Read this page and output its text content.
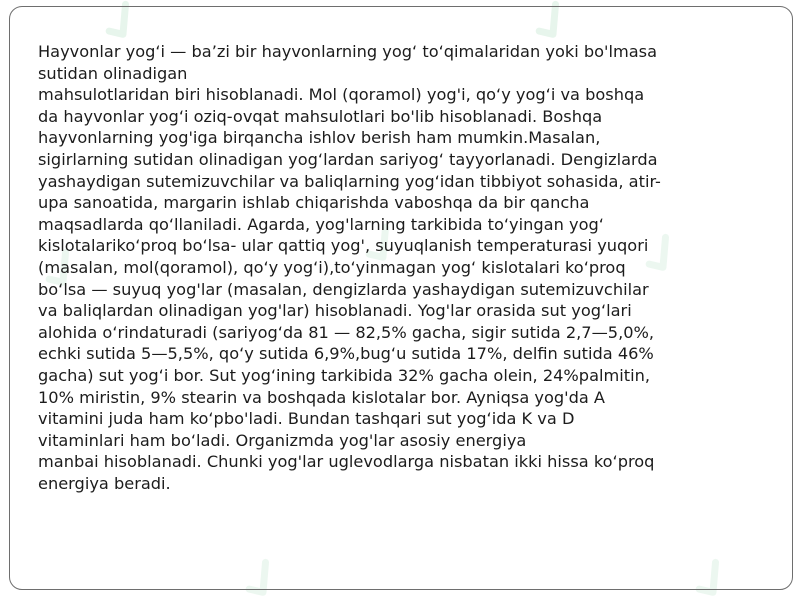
Hayvonlar yog‘i — ba’zi bir hayvonlarning yog‘ to‘qimalaridan yoki bo'lmasa
sutidan olinadigan
mahsulotlaridan biri hisoblanadi. Mol (qoramol) yog'i, qo‘y yog‘i va boshqa
da hayvonlar yog‘i oziq-ovqat mahsulotlari bo'lib hisoblanadi. Boshqa
hayvonlarning yog'iga birqancha ishlov berish ham mumkin.Masalan,
sigirlarning sutidan olinadigan yog‘lardan sariyog‘ tayyorlanadi. Dengizlarda
yashaydigan sutemizuvchilar va baliqlarning yog‘idan tibbiyot sohasida, atir-
upa sanoatida, margarin ishlab chiqarishda vaboshqa da bir qancha
maqsadlarda qo‘llaniladi. Agarda, yog'larning tarkibida to‘yingan yog‘
kislotalariko‘proq bo‘lsa- ular qattiq yog', suyuqlanish temperaturasi yuqori
(masalan, mol(qoramol), qo‘y yog‘i),to‘yinmagan yog‘ kislotalari ko‘proq
bo‘lsa — suyuq yog'lar (masalan, dengizlarda yashaydigan sutemizuvchilar
va baliqlardan olinadigan yog'lar) hisoblanadi. Yog'lar orasida sut yog‘lari
alohida o‘rindaturadi (sariyog‘da 81 — 82,5% gacha, sigir sutida 2,7—5,0%,
echki sutida 5—5,5%, qo‘y sutida 6,9%,bug‘u sutida 17%, delfin sutida 46%
gacha) sut yog‘i bor. Sut yog‘ining tarkibida 32% gacha olein, 24%palmitin,
10% miristin, 9% stearin va boshqada kislotalar bor. Ayniqsa yog'da A
vitamini juda ham ko‘pbo'ladi. Bundan tashqari sut yog‘ida K va D
vitaminlari ham bo‘ladi. Organizmda yog'lar asosiy energiya
manbai hisoblanadi. Chunki yog'lar uglevodlarga nisbatan ikki hissa ko‘proq
energiya beradi.
